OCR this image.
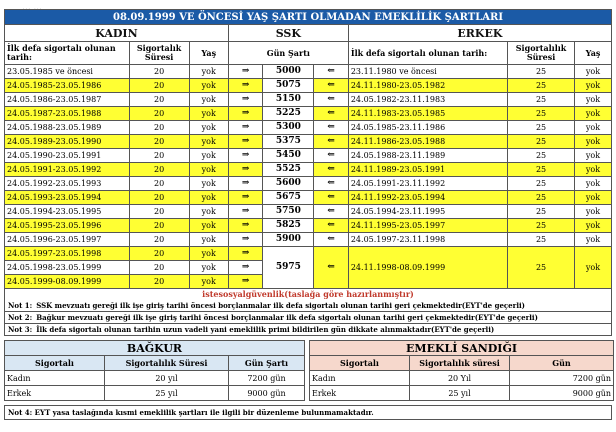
... ...
08.09.1999 VE ÖNCESİ YAŞ ŞARTI OLMADAN EMEKLİLİK ŞARTLARI								
KADIN			SSK			ERKEK		
İlk defa sigortalı olunan tarih:	Sigortalık Süresi	Yaş	Gün Şartı			İlk defa sigortalı olunan tarih:	Sigortalılık Süresi	Yaş
23.05.1985 ve öncesi	20	yok	⇒	5000	⇐	23.11.1980 ve öncesi	25	yok
24.05.1985-23.05.1986	20	yok	⇒	5075	⇐	24.11.1980-23.05.1982	25	yok
24.05.1986-23.05.1987	20	yok	⇒	5150	⇐	24.05.1982-23.11.1983	25	yok
24.05.1987-23.05.1988	20	yok	⇒	5225	⇐	24.11.1983-23.05.1985	25	yok
24.05.1988-23.05.1989	20	yok	⇒	5300	⇐	24.05.1985-23.11.1986	25	yok
24.05.1989-23.05.1990	20	yok	⇒	5375	⇐	24.11.1986-23.05.1988	25	yok
24.05.1990-23.05.1991	20	yok	⇒	5450	⇐	24.05.1988-23.11.1989	25	yok
24.05.1991-23.05.1992	20	yok	⇒	5525	⇐	24.11.1989-23.05.1991	25	yok
24.05.1992-23.05.1993	20	yok	⇒	5600	⇐	24.05.1991-23.11.1992	25	yok
24.05.1993-23.05.1994	20	yok	⇒	5675	⇐	24.11.1992-23.05.1994	25	yok
24.05.1994-23.05.1995	20	yok	⇒	5750	⇐	24.05.1994-23.11.1995	25	yok
24.05.1995-23.05.1996	20	yok	⇒	5825	⇐	24.11.1995-23.05.1997	25	yok
24.05.1996-23.05.1997	20	yok	⇒	5900	⇐	24.05.1997-23.11.1998	25	yok
24.05.1997-23.05.1998	20	yok	⇒	5975	⇐	24.11.1998-08.09.1999	25	yok
24.05.1998-23.05.1999	20	yok	⇒					
24.05.1999-08.09.1999	20	yok	⇒					
istesosyalgüvenlik(taslağa göre hazırlanmıştır)
Not 1: SSK mevzuatı gereği ilk işe giriş tarihi öncesi borçlanmalar ilk defa sigortalı olunan tarihi geri çekmektedir(EYT'de geçerli)
Not 2: Bağkur mevzuatı gereği ilk işe giriş tarihi öncesi borçlanmalar ilk defa sigortalı olunan tarihi geri çekmektedir(EYT'de geçerli)
Not 3: İlk defa sigortalı olunan tarihin uzun vadeli yani emeklilik primi bildirilen gün dikkate alınmaktadır(EYT'de geçerli)
BAĞKUR		
Sigortalı	Sigortalılık Süresi	Gün Şartı
Kadın	20 yıl	7200 gün
Erkek	25 yıl	9000 gün
EMEKLİ SANDIĞI		
Sigortalı	Sigortalılık süresi	Gün
Kadın	20 Yıl	7200 gün
Erkek	25 yıl	9000 gün
Not 4: EYT yasa taslağında kısmi emeklilik şartları ile ilgili bir düzenleme bulunmamaktadır.
